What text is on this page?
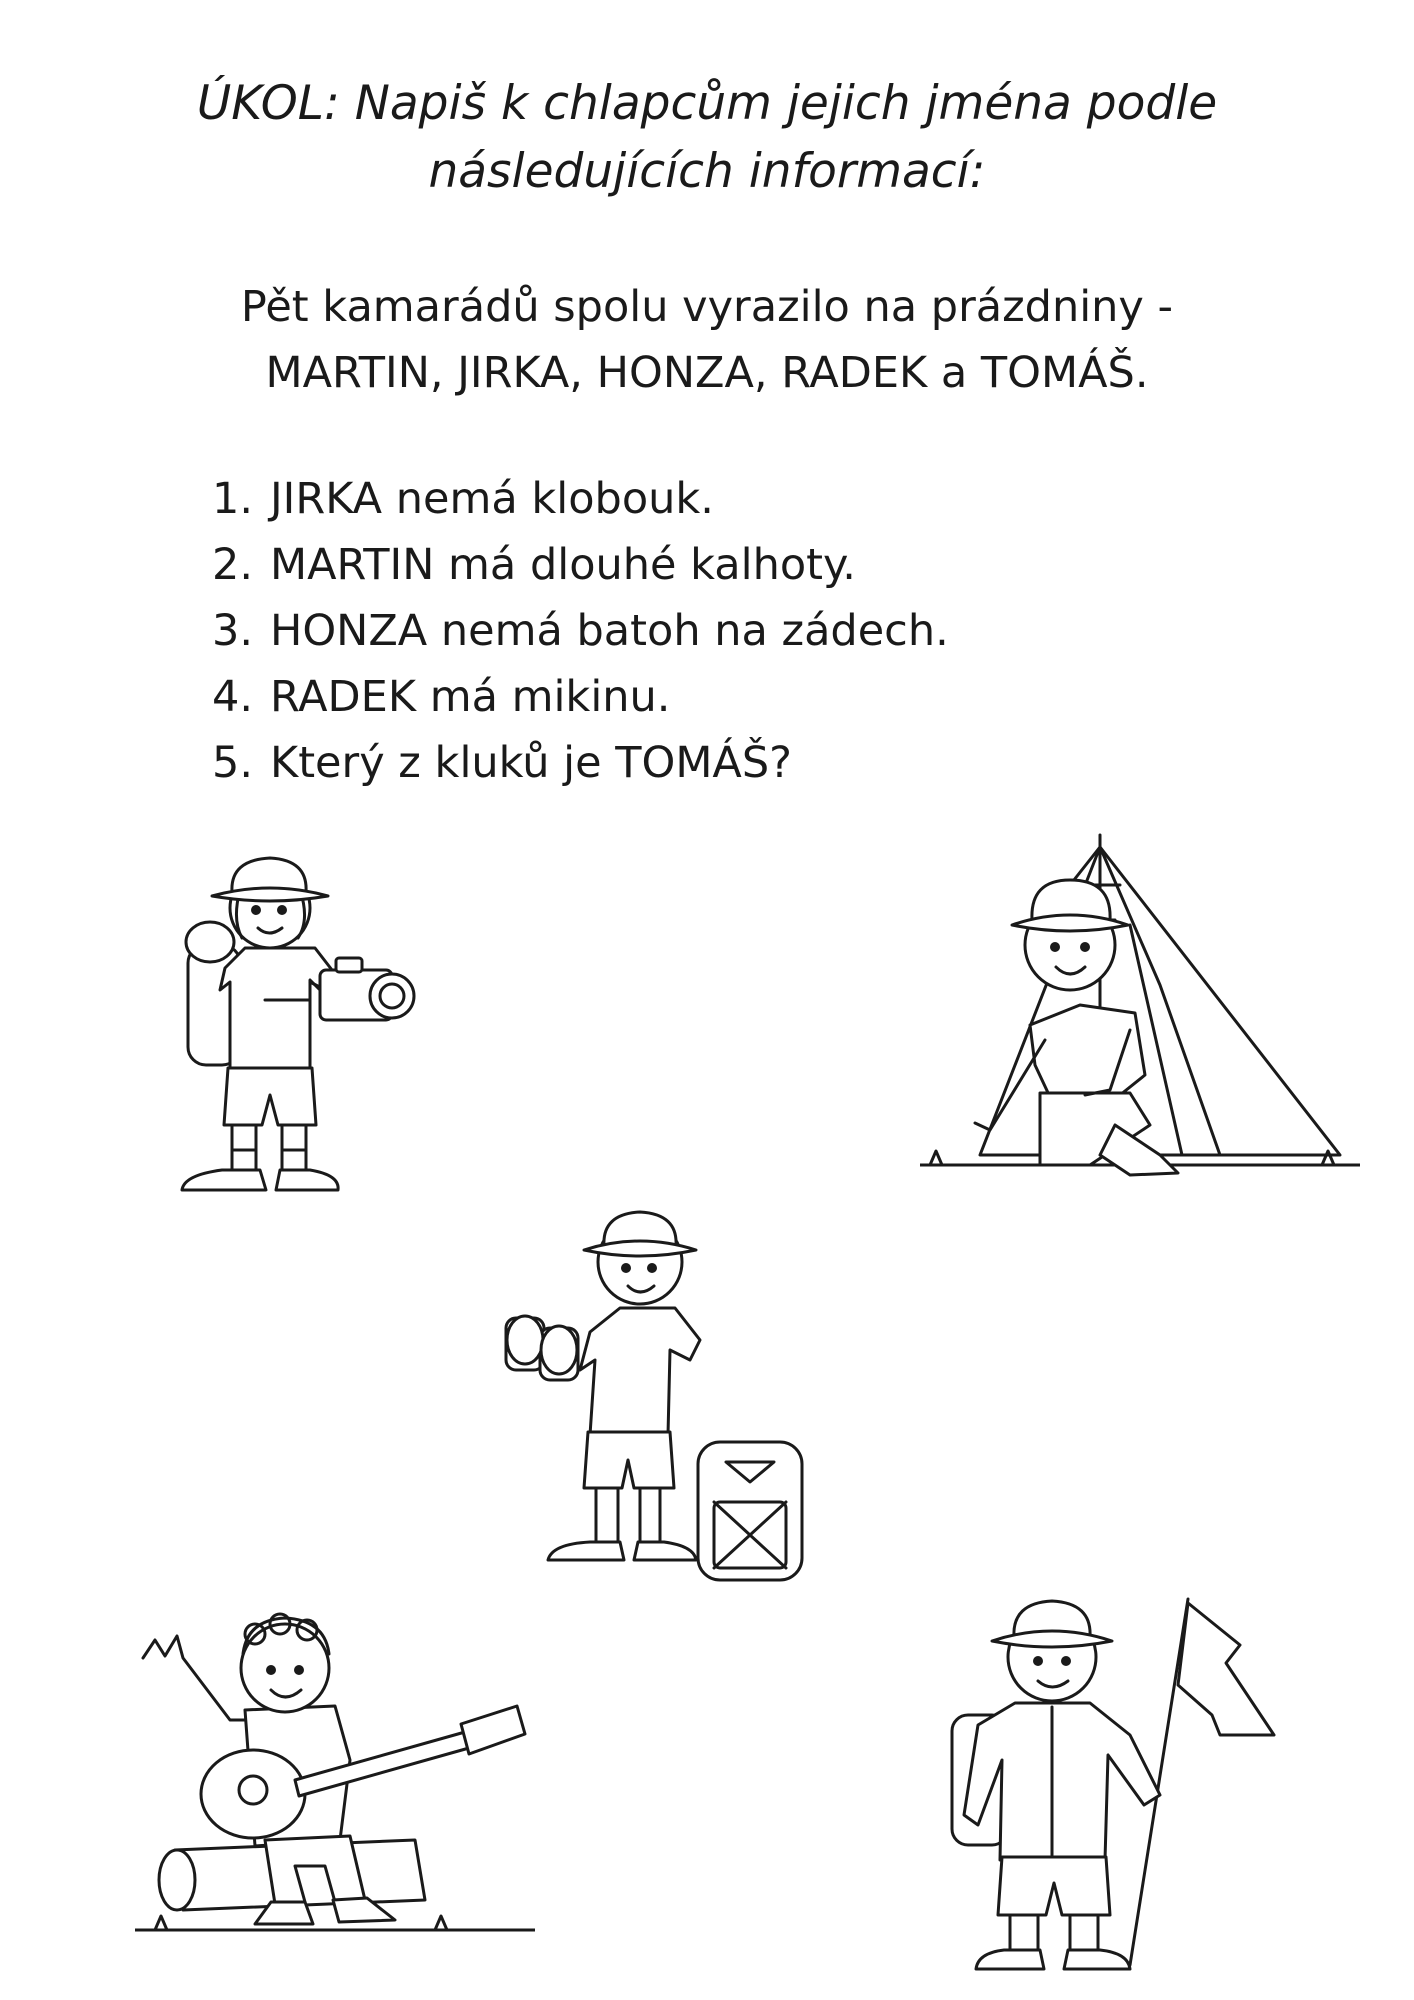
ÚKOL: Napiš k chlapcům jejich jména podle
následujících informací:
Pět kamarádů spolu vyrazilo na prázdniny -
MARTIN, JIRKA, HONZA, RADEK a TOMÁŠ.
1. JIRKA nemá klobouk.
2. MARTIN má dlouhé kalhoty.
3. HONZA nemá batoh na zádech.
4. RADEK má mikinu.
5. Který z kluků je TOMÁŠ?
